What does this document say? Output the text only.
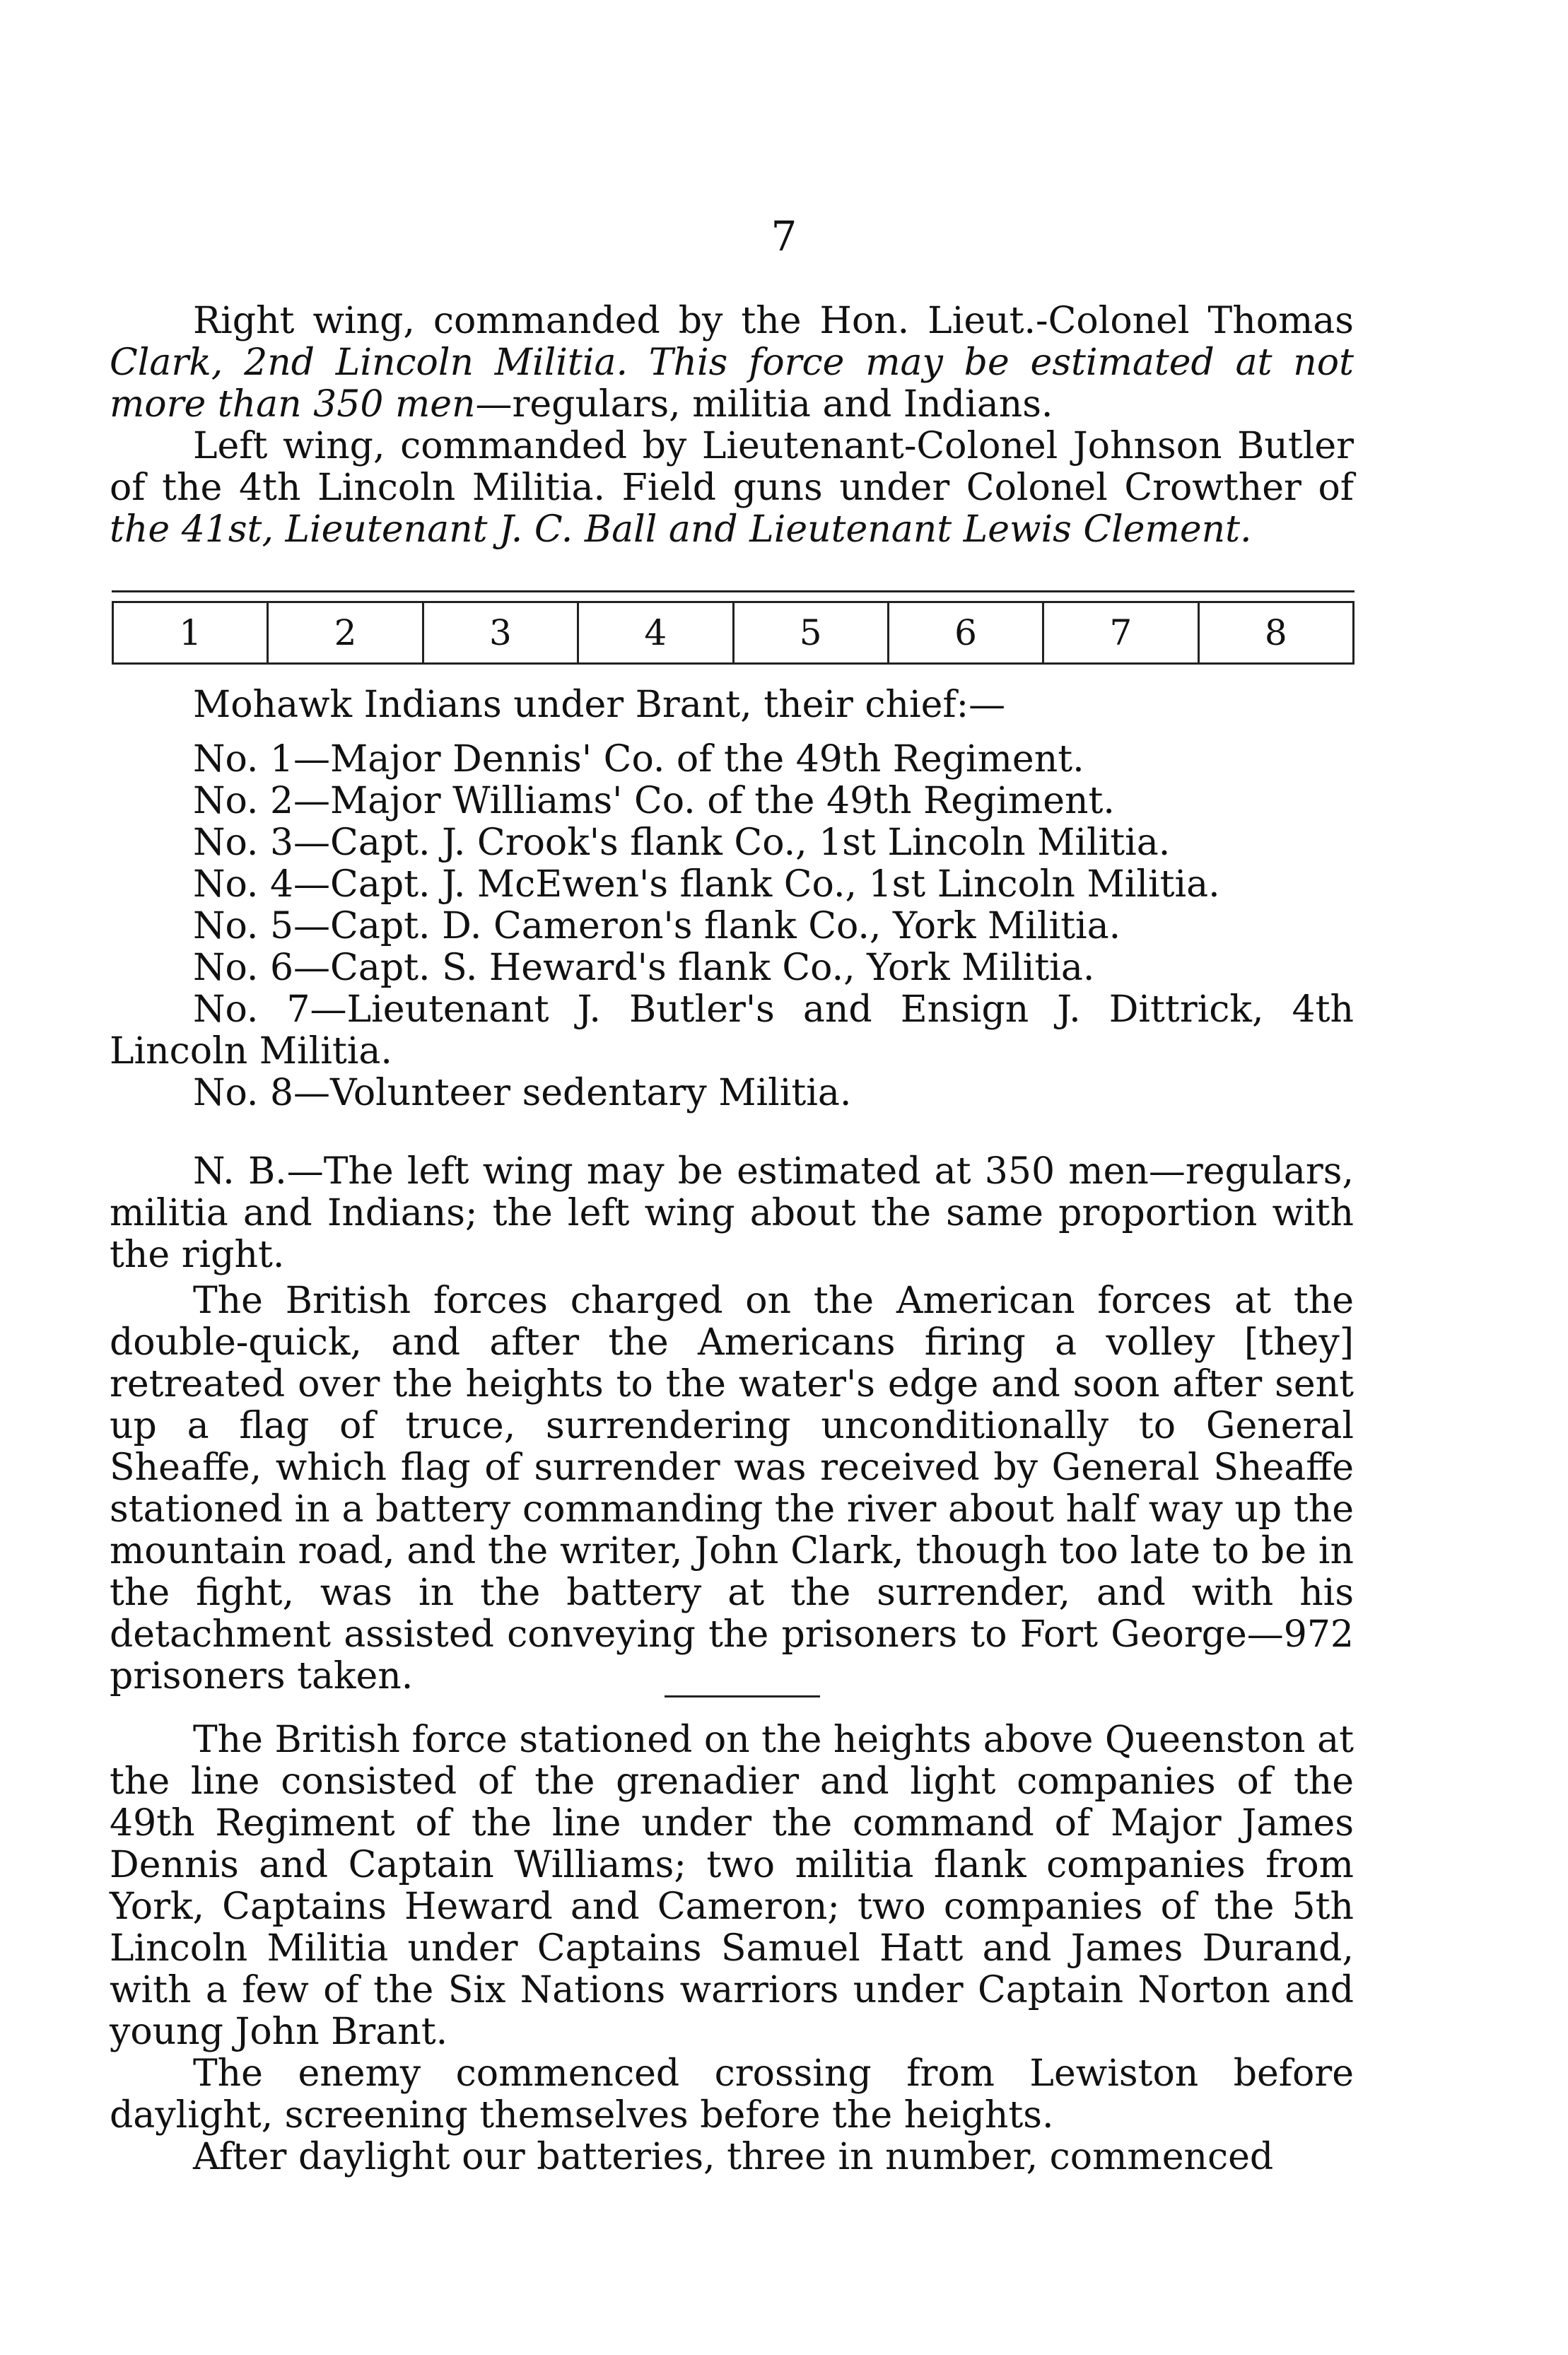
7

Right wing, commanded by the Hon. Lieut.-Colonel Thomas Clark, 2nd Lincoln Militia. This force may be estimated at not more than 350 men—regulars, militia and Indians.

Left wing, commanded by Lieutenant-Colonel Johnson Butler of the 4th Lincoln Militia. Field guns under Colonel Crowther of the 41st, Lieutenant J. C. Ball and Lieutenant Lewis Clement.

1	2	3	4	5	6	7	8

Mohawk Indians under Brant, their chief:—

No. 1—Major Dennis' Co. of the 49th Regiment.
No. 2—Major Williams' Co. of the 49th Regiment.
No. 3—Capt. J. Crook's flank Co., 1st Lincoln Militia.
No. 4—Capt. J. McEwen's flank Co., 1st Lincoln Militia.
No. 5—Capt. D. Cameron's flank Co., York Militia.
No. 6—Capt. S. Heward's flank Co., York Militia.
No. 7—Lieutenant J. Butler's and Ensign J. Dittrick, 4th Lincoln Militia.
No. 8—Volunteer sedentary Militia.

N. B.—The left wing may be estimated at 350 men—regulars, militia and Indians; the left wing about the same proportion with the right.

The British forces charged on the American forces at the double-quick, and after the Americans firing a volley [they] retreated over the heights to the water's edge and soon after sent up a flag of truce, surrendering unconditionally to General Sheaffe, which flag of surrender was received by General Sheaffe stationed in a battery commanding the river about half way up the mountain road, and the writer, John Clark, though too late to be in the fight, was in the battery at the surrender, and with his detachment assisted conveying the prisoners to Fort George—972 prisoners taken.

The British force stationed on the heights above Queenston at the line consisted of the grenadier and light companies of the 49th Regiment of the line under the command of Major James Dennis and Captain Williams; two militia flank companies from York, Captains Heward and Cameron; two companies of the 5th Lincoln Militia under Captains Samuel Hatt and James Durand, with a few of the Six Nations warriors under Captain Norton and young John Brant.

The enemy commenced crossing from Lewiston before daylight, screening themselves before the heights.

After daylight our batteries, three in number, commenced
